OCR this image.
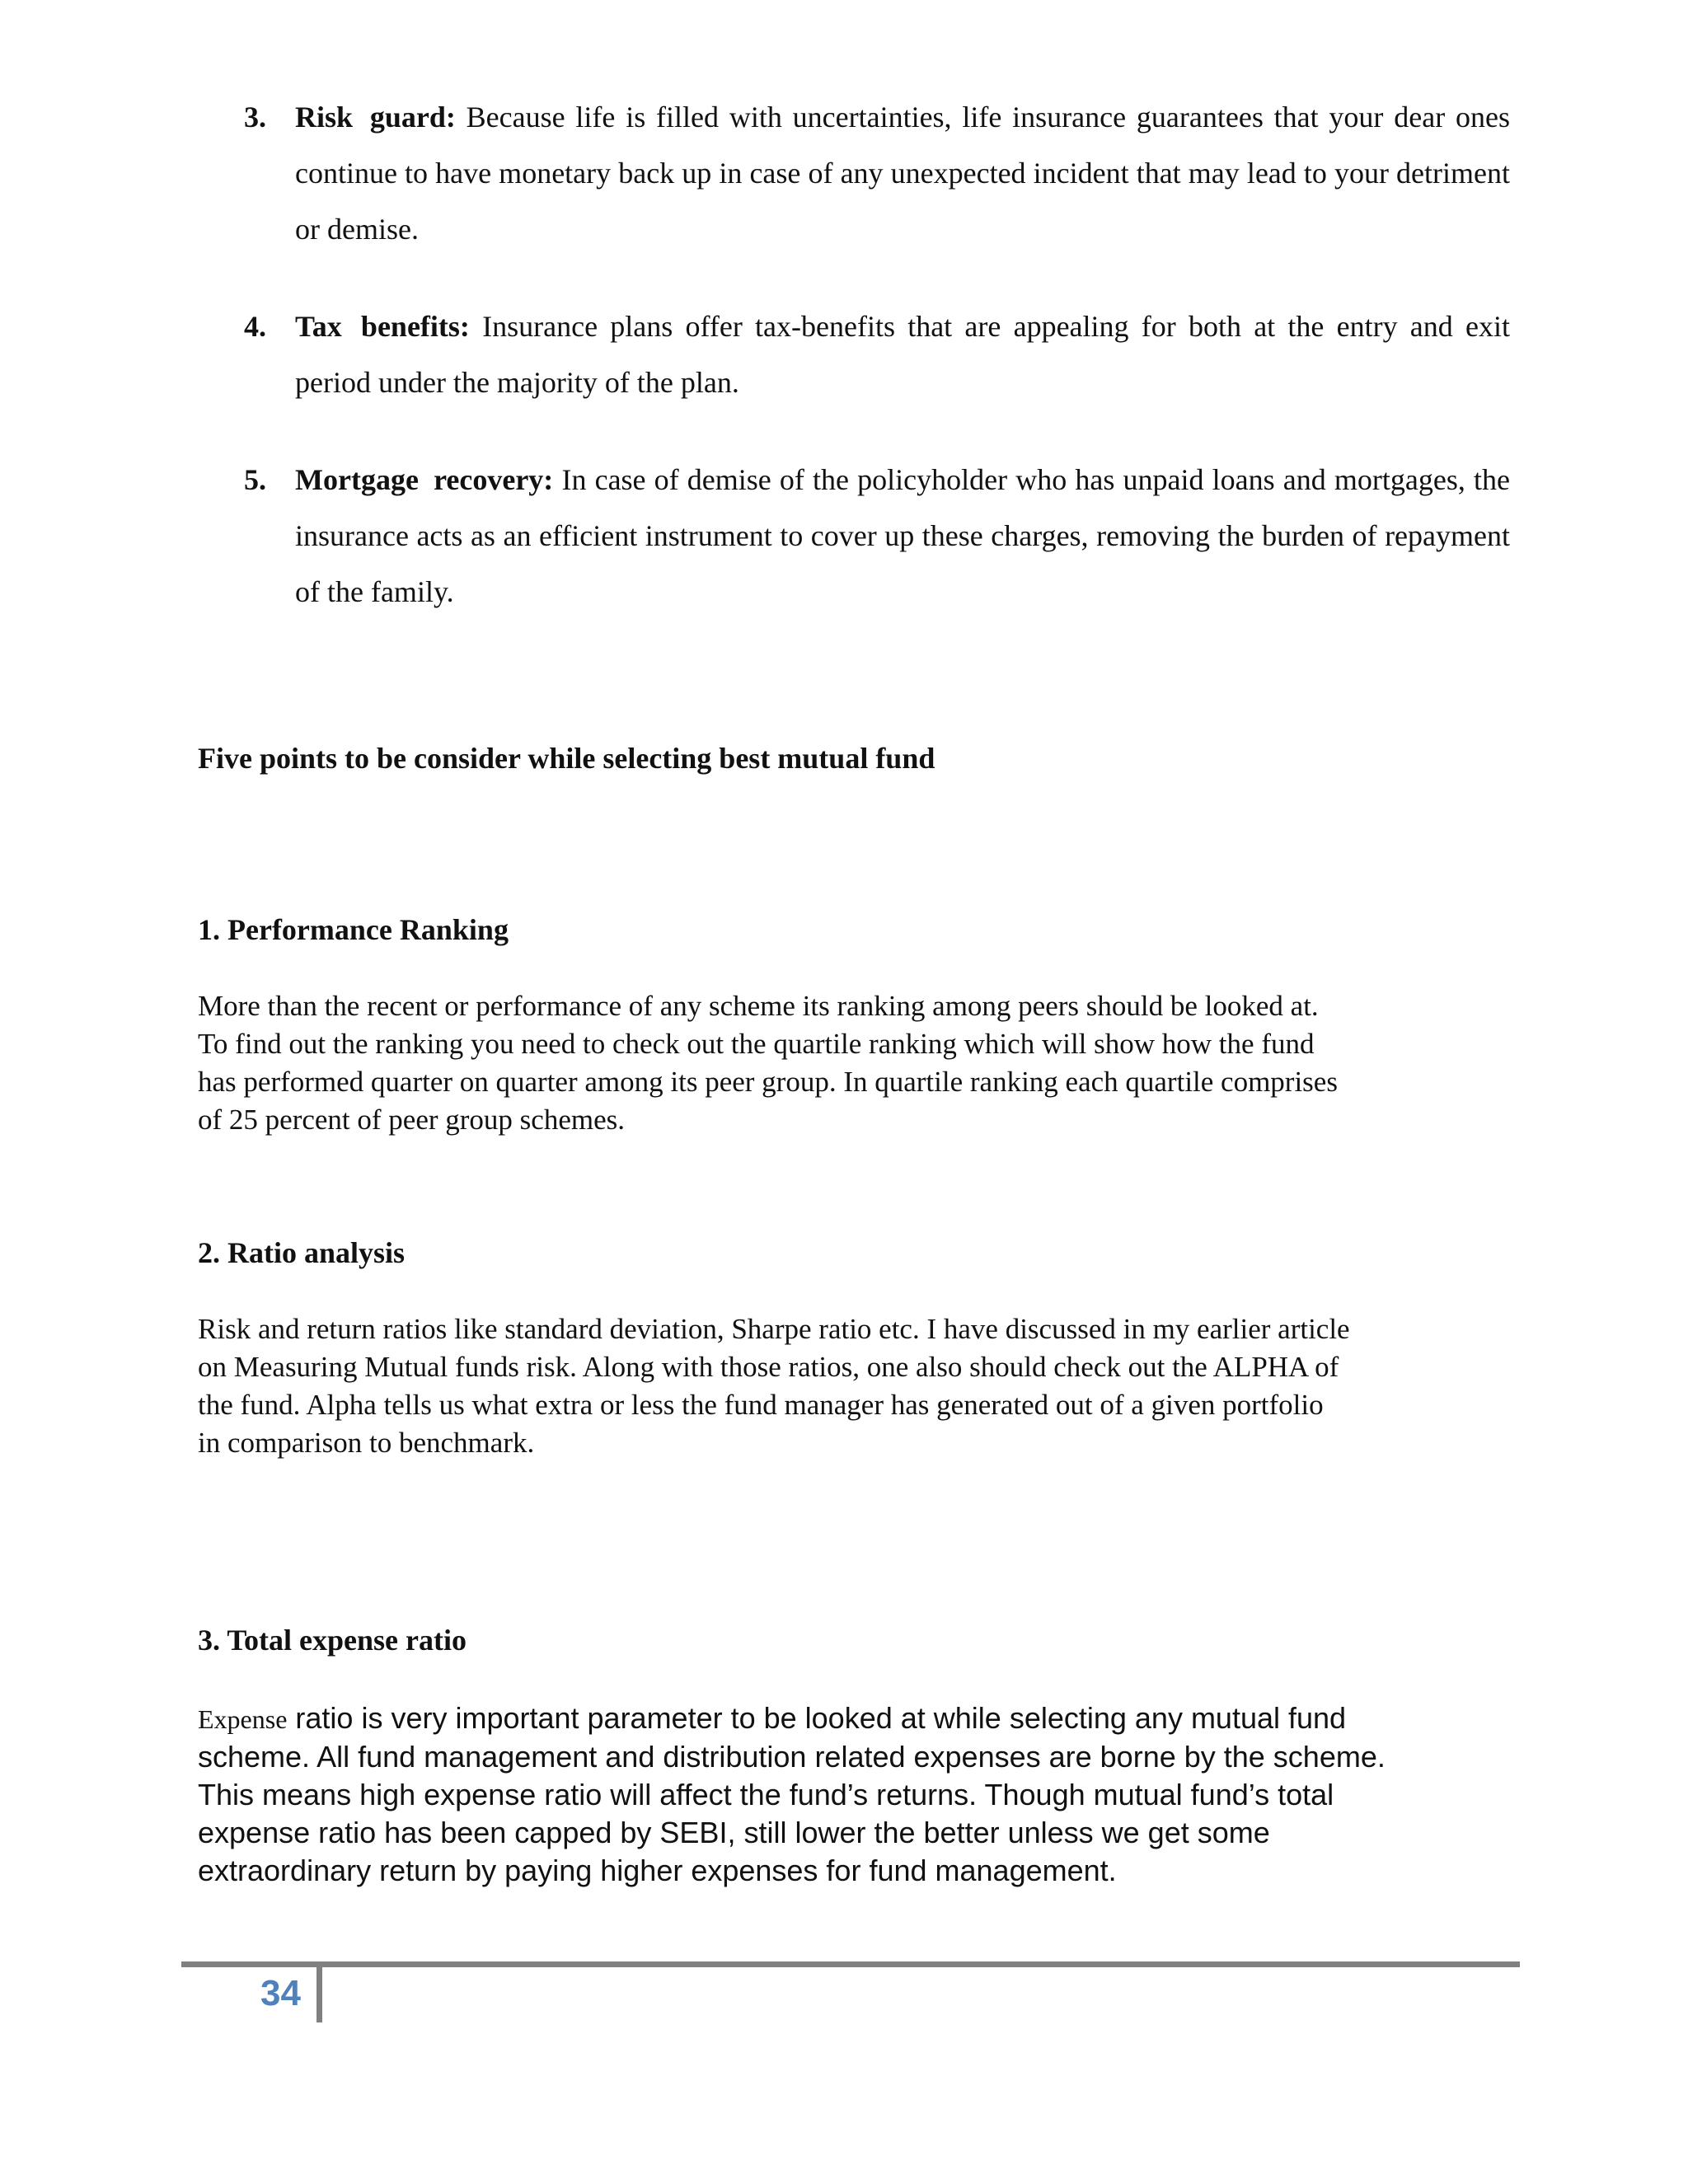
3. Risk guard: Because life is filled with uncertainties, life insurance guarantees that your dear ones continue to have monetary back up in case of any unexpected incident that may lead to your detriment or demise.
4. Tax benefits: Insurance plans offer tax-benefits that are appealing for both at the entry and exit period under the majority of the plan.
5. Mortgage recovery: In case of demise of the policyholder who has unpaid loans and mortgages, the insurance acts as an efficient instrument to cover up these charges, removing the burden of repayment of the family.
Five points to be consider while selecting best mutual fund
1. Performance Ranking
More than the recent or performance of any scheme its ranking among peers should be looked at.
To find out the ranking you need to check out the quartile ranking which will show how the fund
has performed quarter on quarter among its peer group. In quartile ranking each quartile comprises
of 25 percent of peer group schemes.
2. Ratio analysis
Risk and return ratios like standard deviation, Sharpe ratio etc. I have discussed in my earlier article
on Measuring Mutual funds risk. Along with those ratios, one also should check out the ALPHA of
the fund. Alpha tells us what extra or less the fund manager has generated out of a given portfolio
in comparison to benchmark.
3. Total expense ratio
Expense ratio is very important parameter to be looked at while selecting any mutual fund
scheme. All fund management and distribution related expenses are borne by the scheme.
This means high expense ratio will affect the fund’s returns. Though mutual fund’s total
expense ratio has been capped by SEBI, still lower the better unless we get some
extraordinary return by paying higher expenses for fund management.
34
